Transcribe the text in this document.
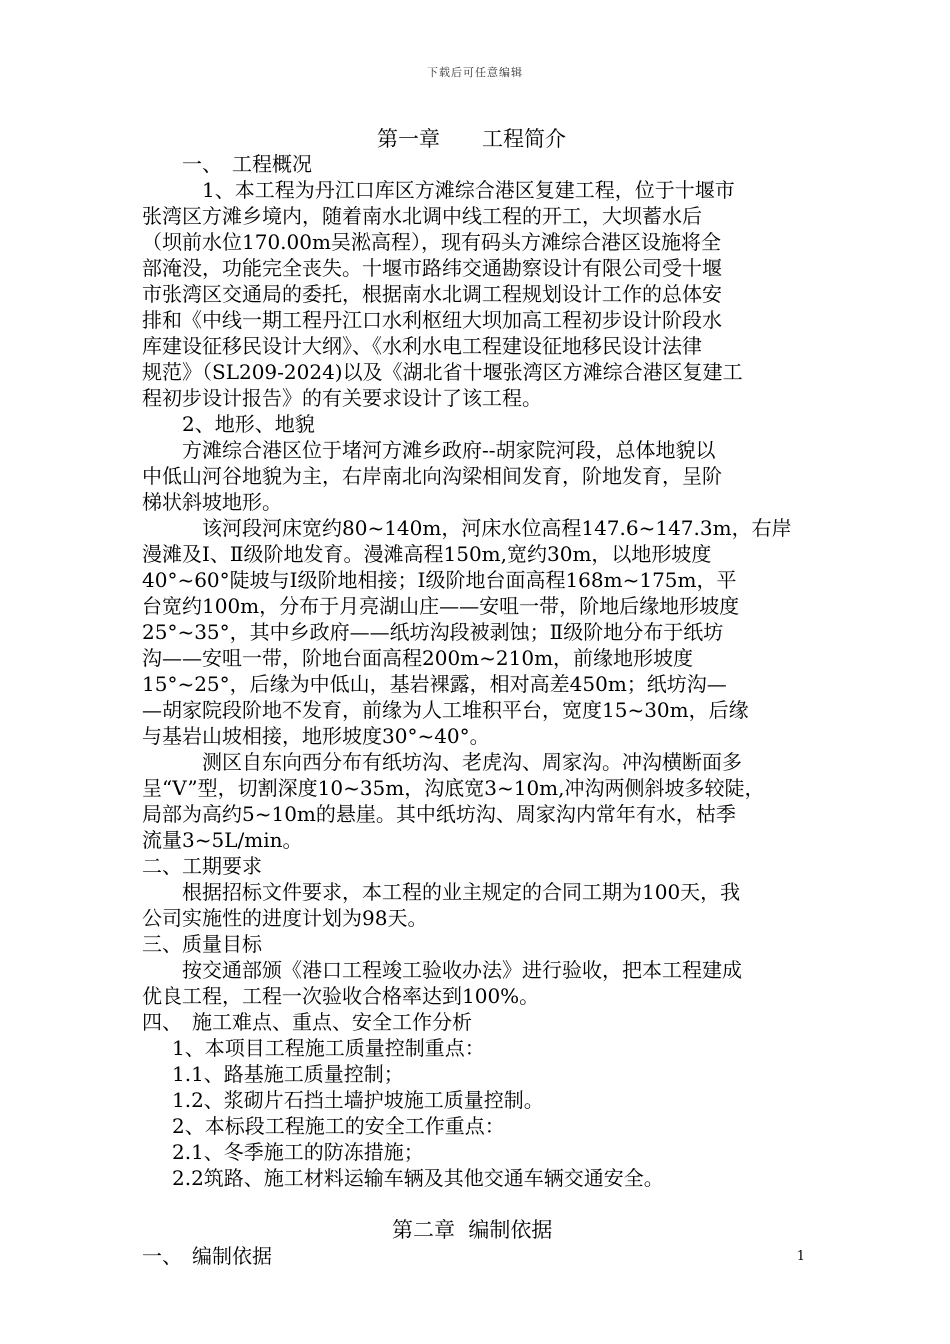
下载后可任意编辑
第一章　　工程简介
一、　工程概况
1、本工程为丹江口库区方滩综合港区复建工程，位于十堰市
张湾区方滩乡境内，随着南水北调中线工程的开工，大坝蓄水后
（坝前水位170.00m吴淞高程），现有码头方滩综合港区设施将全
部淹没，功能完全丧失。十堰市路纬交通勘察设计有限公司受十堰
市张湾区交通局的委托，根据南水北调工程规划设计工作的总体安
排和《中线一期工程丹江口水利枢纽大坝加高工程初步设计阶段水
库建设征移民设计大纲》、《水利水电工程建设征地移民设计法律
规范》（SL209-2024)以及《湖北省十堰张湾区方滩综合港区复建工
程初步设计报告》的有关要求设计了该工程。
2、地形、地貌
方滩综合港区位于堵河方滩乡政府--胡家院河段，总体地貌以
中低山河谷地貌为主，右岸南北向沟梁相间发育，阶地发育，呈阶
梯状斜坡地形。
该河段河床宽约80~140m，河床水位高程147.6~147.3m，右岸
漫滩及Ⅰ、Ⅱ级阶地发育。漫滩高程150m,宽约30m，以地形坡度
40°~60°陡坡与Ⅰ级阶地相接；Ⅰ级阶地台面高程168m~175m，平
台宽约100m，分布于月亮湖山庄——安咀一带，阶地后缘地形坡度
25°~35°，其中乡政府——纸坊沟段被剥蚀；Ⅱ级阶地分布于纸坊
沟——安咀一带，阶地台面高程200m~210m，前缘地形坡度
15°~25°，后缘为中低山，基岩裸露，相对高差450m；纸坊沟—
—胡家院段阶地不发育，前缘为人工堆积平台，宽度15~30m，后缘
与基岩山坡相接，地形坡度30°~40°。
测区自东向西分布有纸坊沟、老虎沟、周家沟。冲沟横断面多
呈“V”型，切割深度10~35m，沟底宽3~10m,冲沟两侧斜坡多较陡，
局部为高约5~10m的悬崖。其中纸坊沟、周家沟内常年有水，枯季
流量3~5L/min。
二、工期要求
根据招标文件要求，本工程的业主规定的合同工期为100天，我
公司实施性的进度计划为98天。
三、质量目标
按交通部颁《港口工程竣工验收办法》进行验收，把本工程建成
优良工程，工程一次验收合格率达到100%。
四、　施工难点、重点、安全工作分析
1、本项目工程施工质量控制重点：
1.1、路基施工质量控制；
1.2、浆砌片石挡土墙护坡施工质量控制。
2、本标段工程施工的安全工作重点：
2.1、冬季施工的防冻措施；
2.2筑路、施工材料运输车辆及其他交通车辆交通安全。
第二章  编制依据
一、　编制依据	1
